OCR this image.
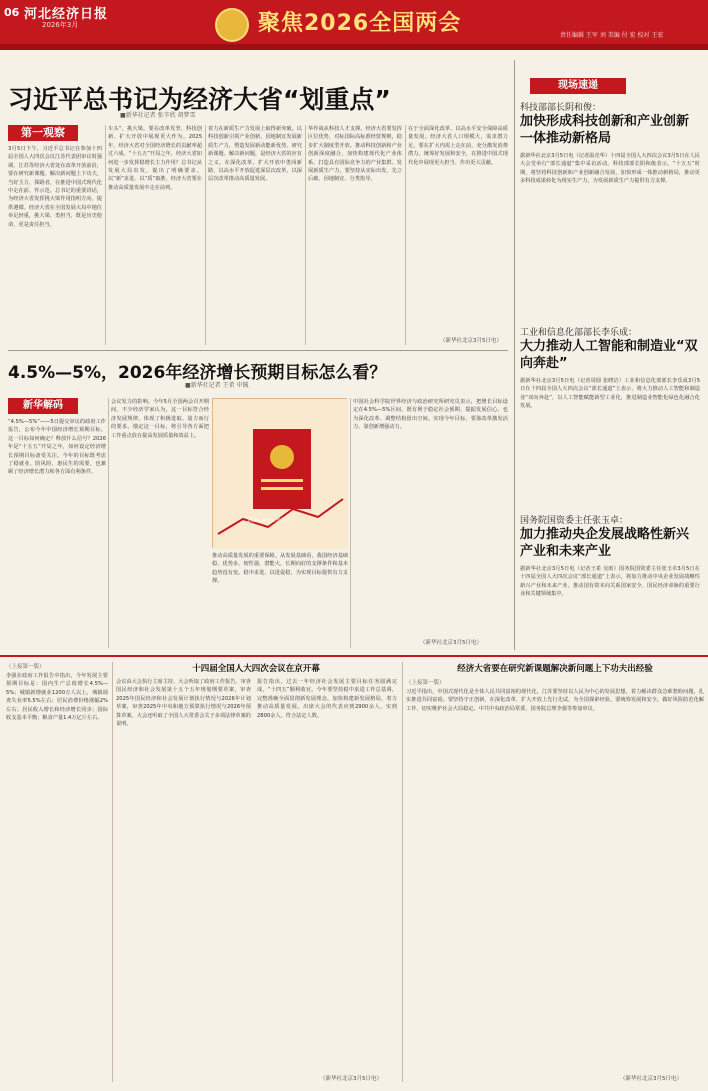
06 河北经济日报
2026年3月	聚焦2026全国两会	责任编辑 王军 刘 美编 付 宏 校对 王宏
习近平总书记为经济大省“划重点”
■新华社记者 张辛欣 胡梦雪
第一观察
3月5日下午，习近平总书记在参加十四届全国人大四次会议江苏代表团审议时强调，江苏等经济大省处在改革开放前沿，要在研究新课题、解决新问题上下功夫，当好主力、探路者，在推进中国式现代化中走在前、作示范。总书记的重要讲话，为经济大省发挥挑大梁作用指明方向、提供遵循。经济大省在全国发展大局中地位举足轻重，挑大梁、勇担当，既是历史使命，更是责任担当。
车头”，挑大梁，要在改革攻坚、科技创新、扩大开放中展现更大作为。2025年，经济大省对全国经济增长的贡献率超过六成。“十五五”开局之年，经济大省如何进一步发挥稳增长主力作用？总书记从发展大局出发，提出了明确要求。以“新”求进、以“质”取胜，经济大省要在推动高质量发展中走在前列。
着力在新质生产力发展上取得新突破。以科技创新引领产业创新，因地制宜发展新质生产力，塑造发展新动能新优势。研究新课题、解决新问题，是经济大省的应有之义。在深化改革、扩大开放中勇闯新路，以高水平开放促进深层次改革，以深层次改革推动高质量发展。
华作战从科技人才支撑。经济大省要发挥区位优势，对标国际高标准经贸规则，稳步扩大制度型开放。推动科技创新和产业创新深度融合，加快构建现代化产业体系，打造具有国际竞争力的产业集群。发展新质生产力，要坚持从实际出发，先立后破、因地制宜、分类指导。
在于全面深化改革、以高水平安全保障高质量发展。经济大省人口规模大，需求潜力足，要在扩大内需上走在前，充分激发消费潜力。统筹好发展和安全，在推进中国式现代化中展现更大担当、作出更大贡献。
（新华社北京3月5日电）
现场速递
科技部部长阴和俊：
加快形成科技创新和产业创新一体推动新格局
据新华社北京3月5日电（记者温竞华）十四届全国人大四次会议3月5日在人民大会堂举行“部长通道”集中采访活动。科技部部长阴和俊表示，“十五五”时期，将坚持科技创新和产业创新融合发展，加快形成一体推动新格局，推动更多科技成果转化为现实生产力，为发展新质生产力提供有力支撑。
工业和信息化部部长李乐成：
大力推动人工智能和制造业“双向奔赴”
据新华社北京3月5日电（记者周圆 张晓洁）工业和信息化部部长李乐成3月5日在十四届全国人大四次会议“部长通道”上表示，将大力推动人工智能和制造业“双向奔赴”，以人工智能赋能新型工业化，推进制造业智能化绿色化融合化发展。
国务院国资委主任张玉卓：
加力推动央企发展战略性新兴产业和未来产业
据新华社北京3月5日电（记者王希 吴雨）国务院国资委主任张玉卓3月5日在十四届全国人大四次会议“部长通道”上表示，将加力推动中央企业发展战略性新兴产业和未来产业，推动国有资本向关系国家安全、国民经济命脉的重要行业和关键领域集中。
4.5%—5%，2026年经济增长预期目标怎么看？
■新华社记者 王希 申铖
新华解码
“4.5%—5%”——5日提交审议的政府工作报告，公布今年中国经济增长预期目标。这一目标如何确定？释放什么信号？2026年是“十五五”开局之年，如何设定经济增长预期目标备受关注。今年的目标既考虑了稳就业、防风险、惠民生的需要，也兼顾了经济增长潜力和各方面有利条件。
会议发力的影响。今年5月全国两会召开期间，不少经济学家认为，这一目标符合经济发展规律，体现了积极进取、量力而行的要求。锚定这一目标，将引导各方面把工作重点放在提高发展质量和效益上。
2026 政府工作报告
推动高质量发展的重要保障。从发展基础看，我国经济基础稳、优势多、韧性强、潜能大，长期向好的支撑条件和基本趋势没有变。稳中求进、以进促稳，为实现目标提供有力支撑。
中国社会科学院世界经济与政治研究所研究员表示，把增长目标设定在4.5%—5%区间，既有利于稳定社会预期、提振发展信心，也为深化改革、调整结构留出空间。实现今年目标，要靠改革激发活力、靠创新增强动力。
（新华社北京3月5日电）
（上接第一版）
李强在政府工作报告中指出，今年发展主要预期目标是：国内生产总值增长4.5%—5%；城镇新增就业1200万人以上，城镇调查失业率5.5%左右；居民消费价格涨幅2%左右；居民收入增长和经济增长同步；国际收支基本平衡；粮食产量1.4万亿斤左右。
十四届全国人大四次会议在京开幕
会议由大会执行主席主持。大会听取了政府工作报告，审查国民经济和社会发展第十五个五年规划纲要草案，审查2025年国民经济和社会发展计划执行情况与2026年计划草案，审查2025年中央和地方预算执行情况与2026年预算草案。大会还听取了全国人大常委会关于多项法律草案的说明。
报告指出，过去一年经济社会发展主要目标任务圆满完成，“十四五”顺利收官。今年要坚持稳中求进工作总基调，完整准确全面贯彻新发展理念，加快构建新发展格局，着力推动高质量发展。出席大会的代表应到2900余人，实到2800余人，符合法定人数。
（新华社北京3月5日电）
经济大省要在研究新课题解决新问题上下功夫出经验
（上接第一版）
习近平指出，中国式现代化是全体人民共同富裕的现代化。江苏要坚持以人民为中心的发展思想，着力解决群众急难愁盼问题，扎实推进共同富裕。要坚持守正创新，在深化改革、扩大开放上先行先试，为全国探索经验。要统筹发展和安全，做好风险防范化解工作，切实维护社会大局稳定。中共中央政治局常委、国务院总理李强等参加审议。
（新华社北京3月5日电）
